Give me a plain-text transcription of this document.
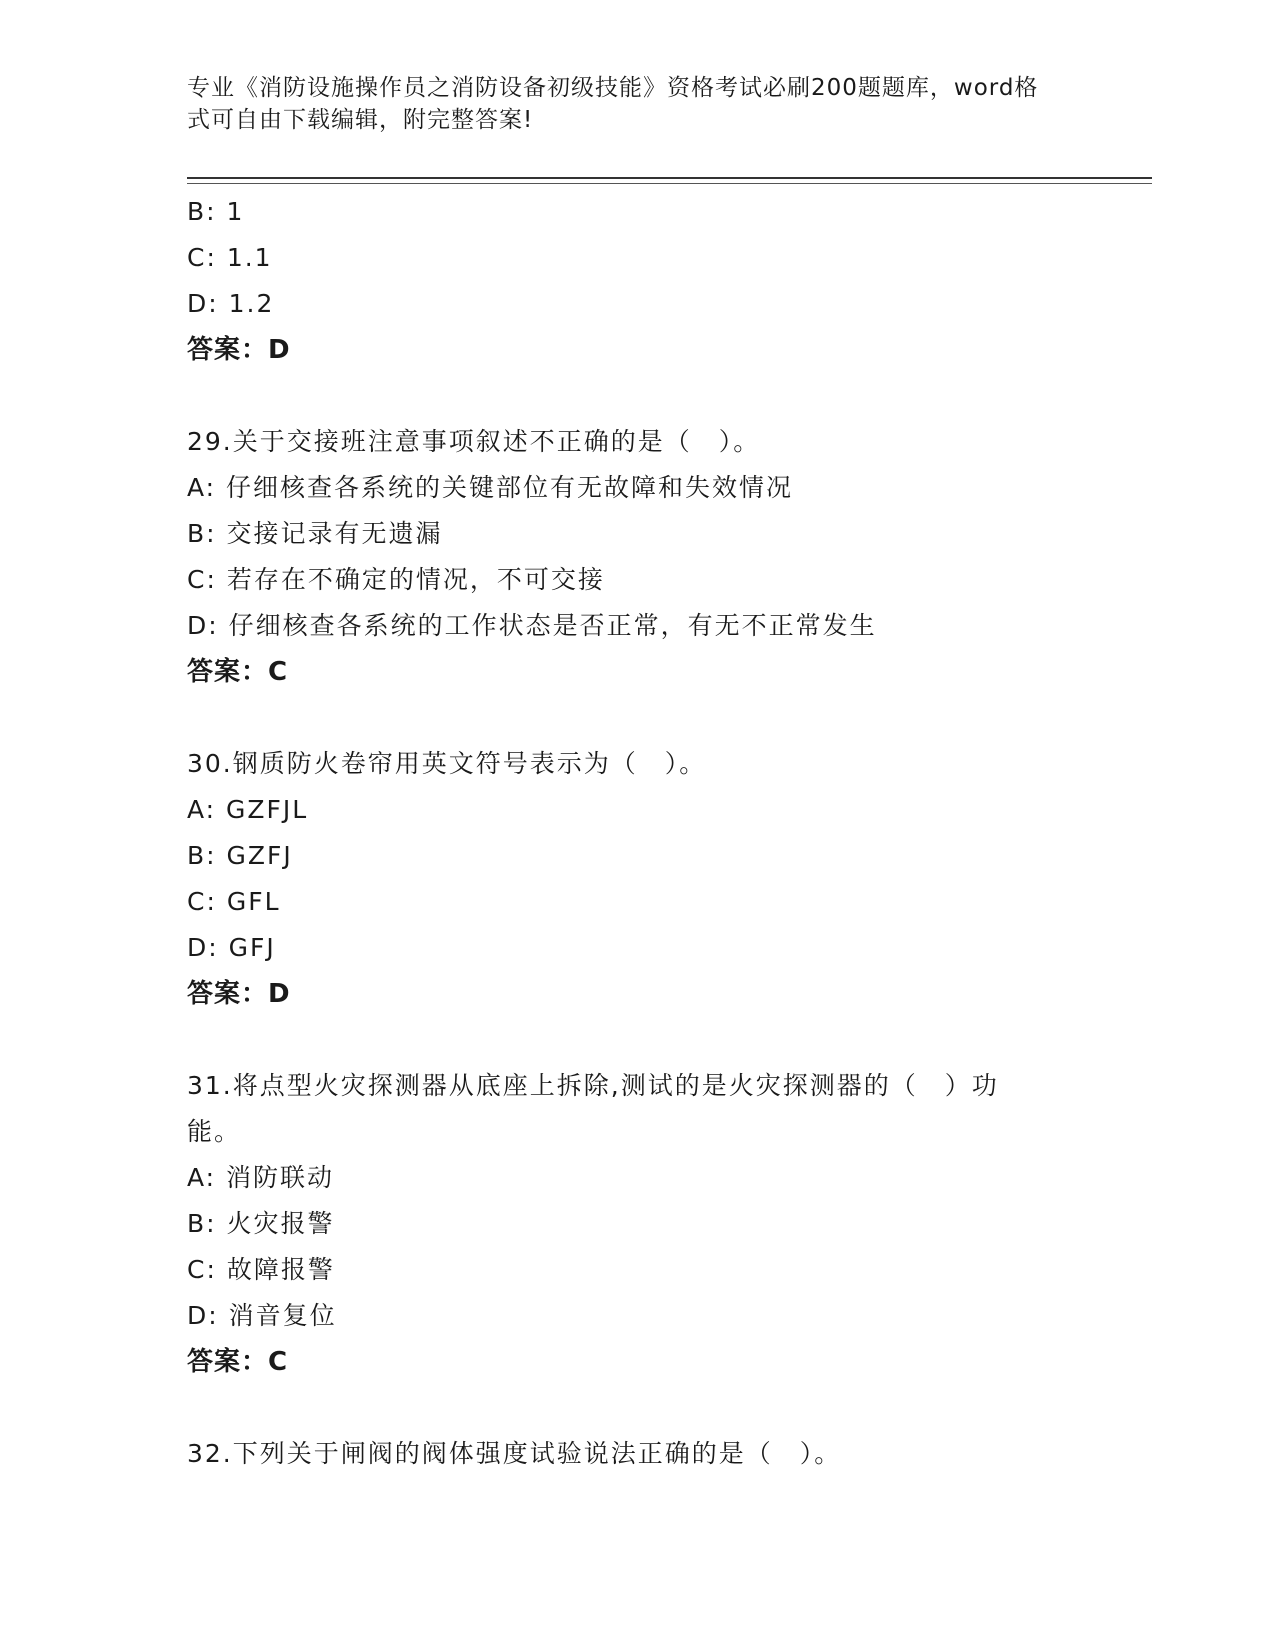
专业《消防设施操作员之消防设备初级技能》资格考试必刷200题题库，word格
式可自由下载编辑，附完整答案!
B: 1
C: 1.1
D: 1.2
答案：D
29.关于交接班注意事项叙述不正确的是（　）。
A: 仔细核查各系统的关键部位有无故障和失效情况
B: 交接记录有无遗漏
C: 若存在不确定的情况，不可交接
D: 仔细核查各系统的工作状态是否正常，有无不正常发生
答案：C
30.钢质防火卷帘用英文符号表示为（　）。
A: GZFJL
B: GZFJ
C: GFL
D: GFJ
答案：D
31.将点型火灾探测器从底座上拆除,测试的是火灾探测器的（　）功
能。
A: 消防联动
B: 火灾报警
C: 故障报警
D: 消音复位
答案：C
32.下列关于闸阀的阀体强度试验说法正确的是（　）。
